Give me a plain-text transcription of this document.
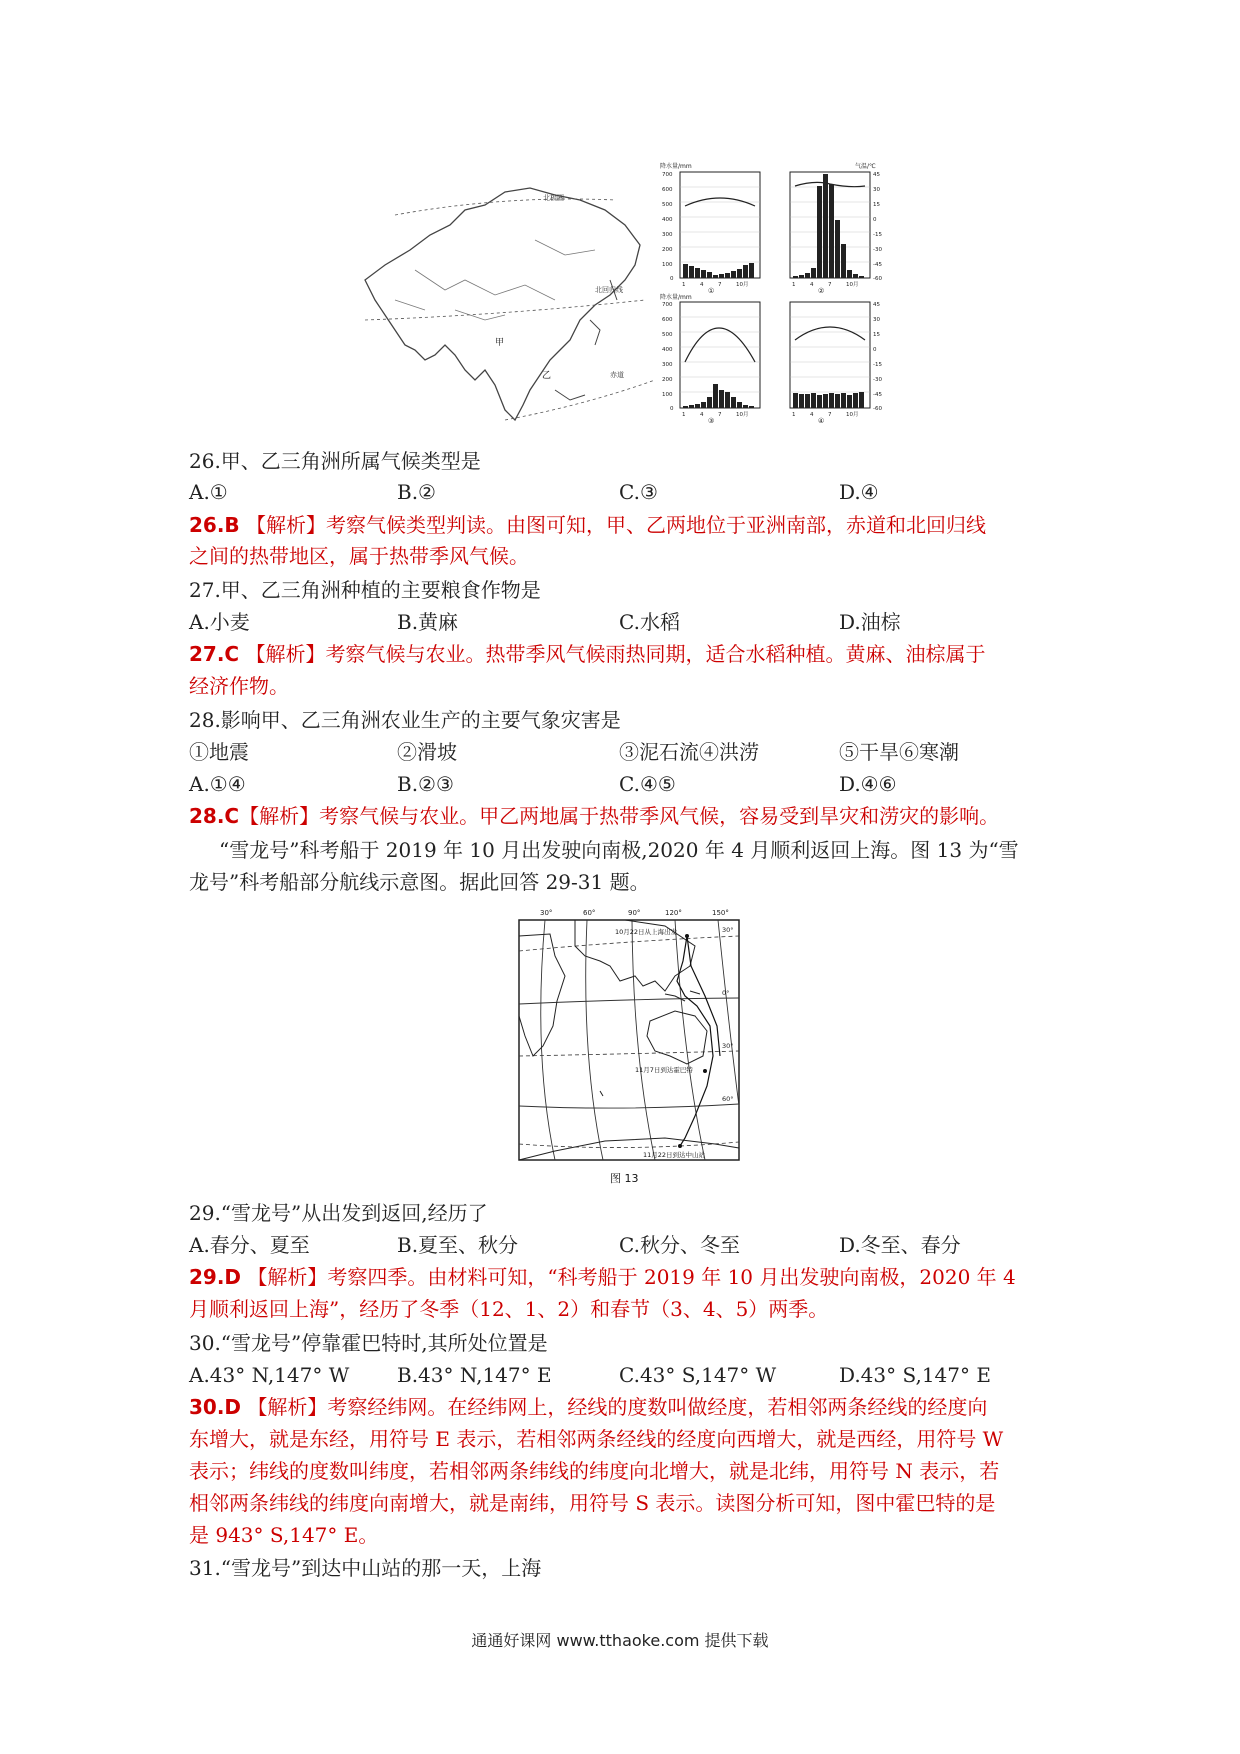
北极圈
北回归线
赤道
甲
乙
降水量/mm	气温/℃
降水量/mm
700
600
500
400
300
200
100
0
700
600
500
400
300
200
100
0
45
30
15
0
-15
-30
-45
-60
45
30
15
0
-15
-30
-45
-60
1	4	7	10月
①
1	4	7	10月
②
1	4	7	10月
③
1	4	7	10月
④
26.甲、乙三角洲所属气候类型是
A.①	B.②	C.③	D.④
26.B 【解析】考察气候类型判读。由图可知，甲、乙两地位于亚洲南部，赤道和北回归线
之间的热带地区，属于热带季风气候。
27.甲、乙三角洲种植的主要粮食作物是
A.小麦	B.黄麻	C.水稻	D.油棕
27.C 【解析】考察气候与农业。热带季风气候雨热同期，适合水稻种植。黄麻、油棕属于
经济作物。
28.影响甲、乙三角洲农业生产的主要气象灾害是
①地震	②滑坡	③泥石流④洪涝	⑤干旱⑥寒潮
A.①④	B.②③	C.④⑤	D.④⑥
28.C【解析】考察气候与农业。甲乙两地属于热带季风气候，容易受到旱灾和涝灾的影响。
“雪龙号”科考船于 2019 年 10 月出发驶向南极,2020 年 4 月顺利返回上海。图 13 为“雪
龙号”科考船部分航线示意图。据此回答 29-31 题。
30°	60°	90°	120°	150°
10月22日从上海出发
11月7日到达霍巴特
11月22日到达中山站
30°
0°
30°
60°
图 13
29.“雪龙号”从出发到返回,经历了
A.春分、夏至	B.夏至、秋分	C.秋分、冬至	D.冬至、春分
29.D 【解析】考察四季。由材料可知，“科考船于 2019 年 10 月出发驶向南极，2020 年 4
月顺利返回上海”，经历了冬季（12、1、2）和春节（3、4、5）两季。
30.“雪龙号”停靠霍巴特时,其所处位置是
A.43° N,147° W B.43° N,147° E	C.43° S,147° W	D.43° S,147° E
30.D 【解析】考察经纬网。在经纬网上，经线的度数叫做经度，若相邻两条经线的经度向
东增大，就是东经，用符号 E 表示，若相邻两条经线的经度向西增大，就是西经，用符号 W
表示；纬线的度数叫纬度，若相邻两条纬线的纬度向北增大，就是北纬，用符号 N 表示，若
相邻两条纬线的纬度向南增大，就是南纬，用符号 S 表示。读图分析可知，图中霍巴特的是
是 943° S,147° E。
31.“雪龙号”到达中山站的那一天，上海
通通好课网 www.tthaoke.com 提供下载
